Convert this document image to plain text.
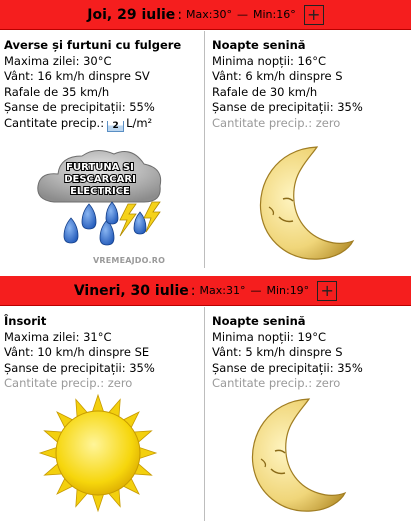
Joi, 29 iulie : Max: 30° — Min: 16° +
Averse și furtuni cu fulgere
Maxima zilei: 30°C
Vânt: 16 km/h dinspre SV
Rafale de 35 km/h
Șanse de precipitații: 55%
Cantitate precip.: 2 L/m²
FURTUNA SI
DESCARCARI
ELECTRICE
VREMEAJDO.RO
Noapte senină
Minima nopții: 16°C
Vânt: 6 km/h dinspre S
Rafale de 30 km/h
Șanse de precipitații: 35%
Cantitate precip.: zero
Vineri, 30 iulie : Max: 31° — Min: 19° +
Însorit
Maxima zilei: 31°C
Vânt: 10 km/h dinspre SE
Șanse de precipitații: 35%
Cantitate precip.: zero
Noapte senină
Minima nopții: 19°C
Vânt: 5 km/h dinspre S
Șanse de precipitații: 35%
Cantitate precip.: zero
